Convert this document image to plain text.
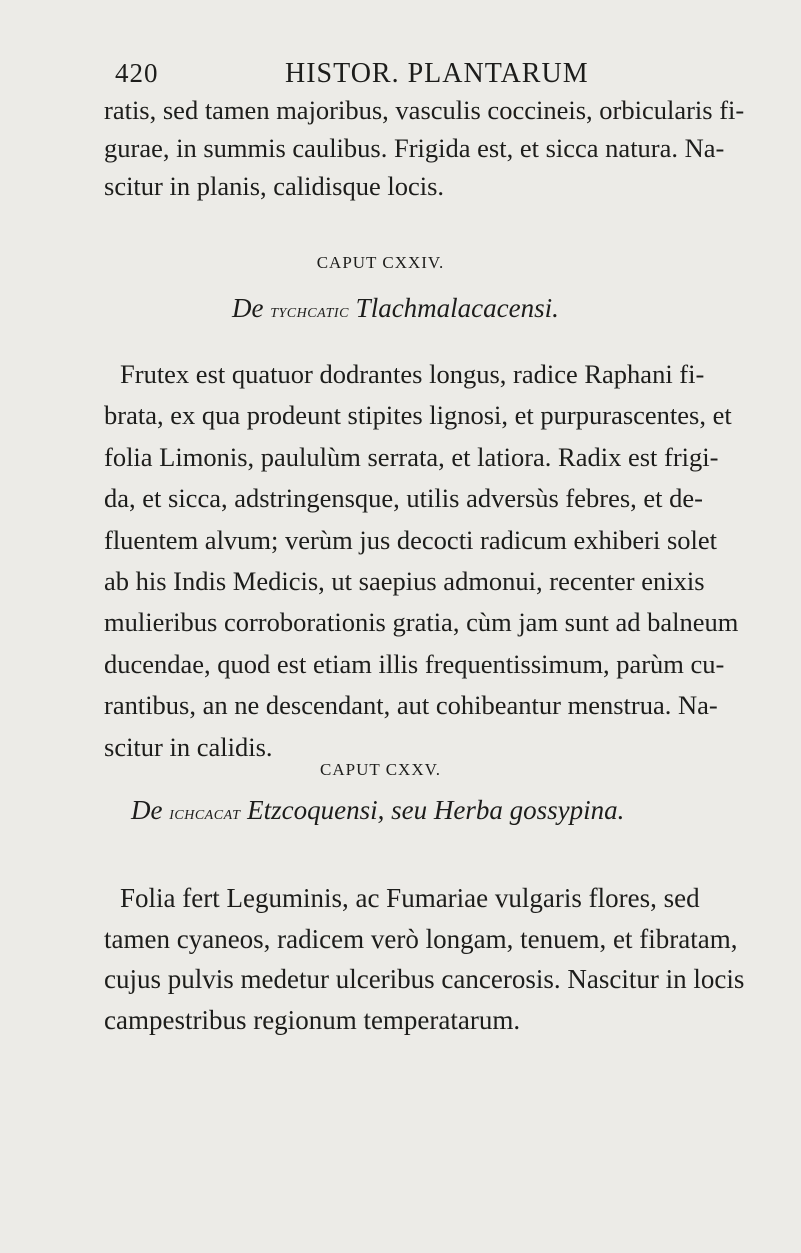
420	HISTOR. PLANTARUM
ratis, sed tamen majoribus, vasculis coccineis, orbicularis fi-
gurae, in summis caulibus. Frigida est, et sicca natura. Na-
scitur in planis, calidisque locis.
CAPUT CXXIV.
De tychcatic Tlachmalacacensi.
Frutex est quatuor dodrantes longus, radice Raphani fi-
brata, ex qua prodeunt stipites lignosi, et purpurascentes, et
folia Limonis, paululùm serrata, et latiora. Radix est frigi-
da, et sicca, adstringensque, utilis adversùs febres, et de-
fluentem alvum; verùm jus decocti radicum exhiberi solet
ab his Indis Medicis, ut saepius admonui, recenter enixis
mulieribus corroborationis gratia, cùm jam sunt ad balneum
ducendae, quod est etiam illis frequentissimum, parùm cu-
rantibus, an ne descendant, aut cohibeantur menstrua. Na-
scitur in calidis.
CAPUT CXXV.
De ichcacat Etzcoquensi, seu Herba gossypina.
Folia fert Leguminis, ac Fumariae vulgaris flores, sed
tamen cyaneos, radicem verò longam, tenuem, et fibratam,
cujus pulvis medetur ulceribus cancerosis. Nascitur in locis
campestribus regionum temperatarum.
